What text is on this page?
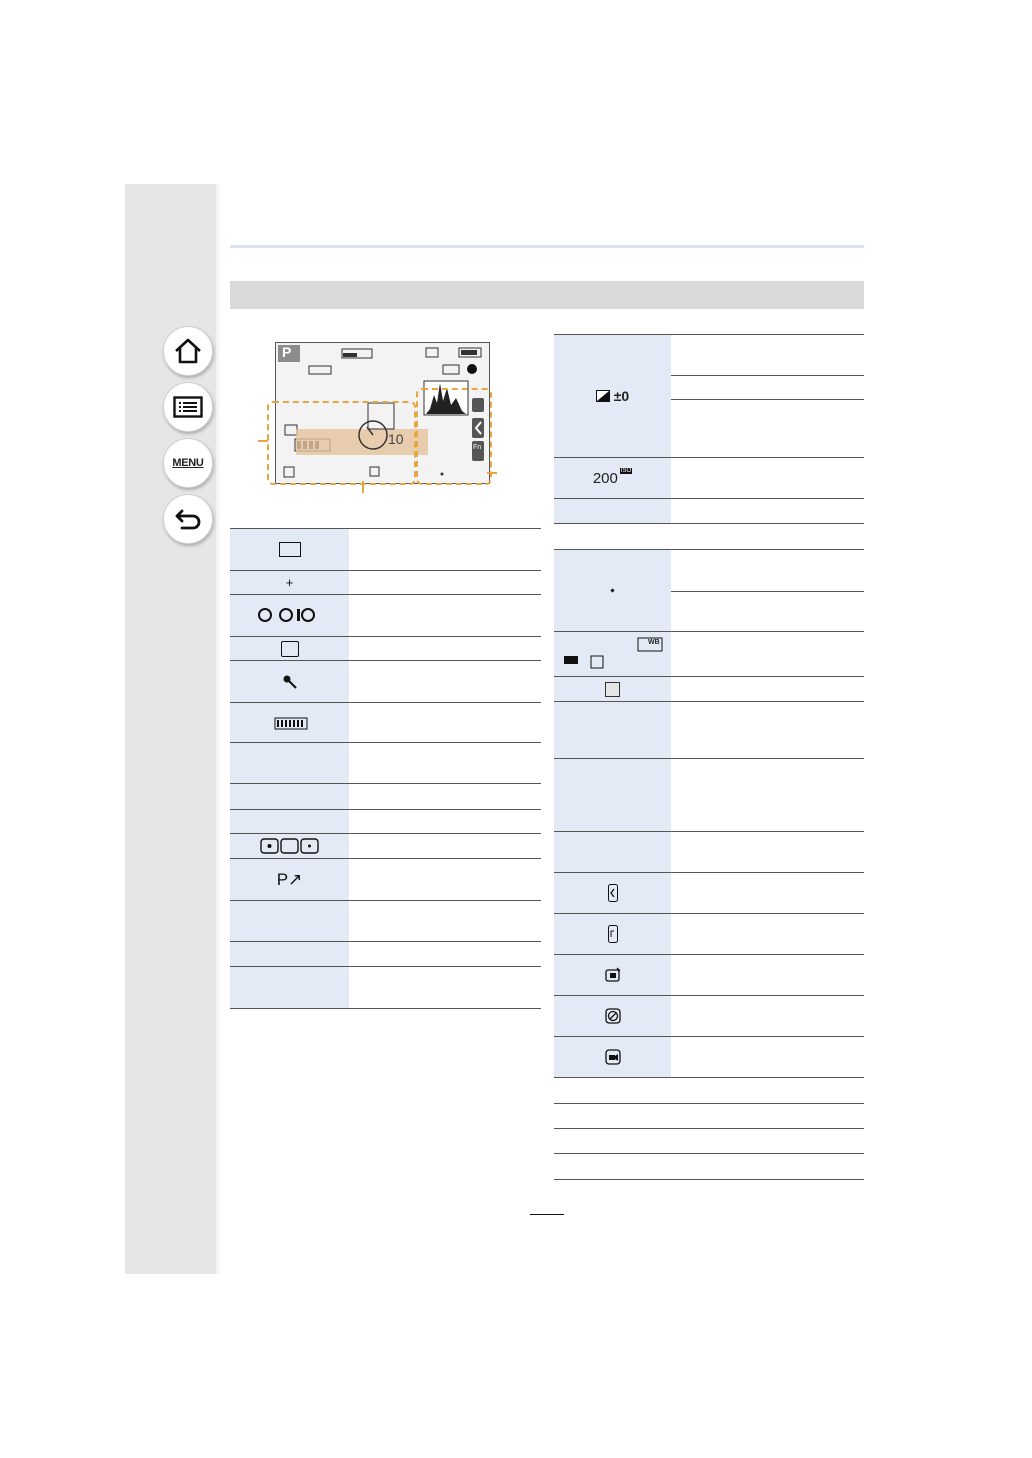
MENU
P
10
Fn
+
P↗
±0
200 ISO
WB
